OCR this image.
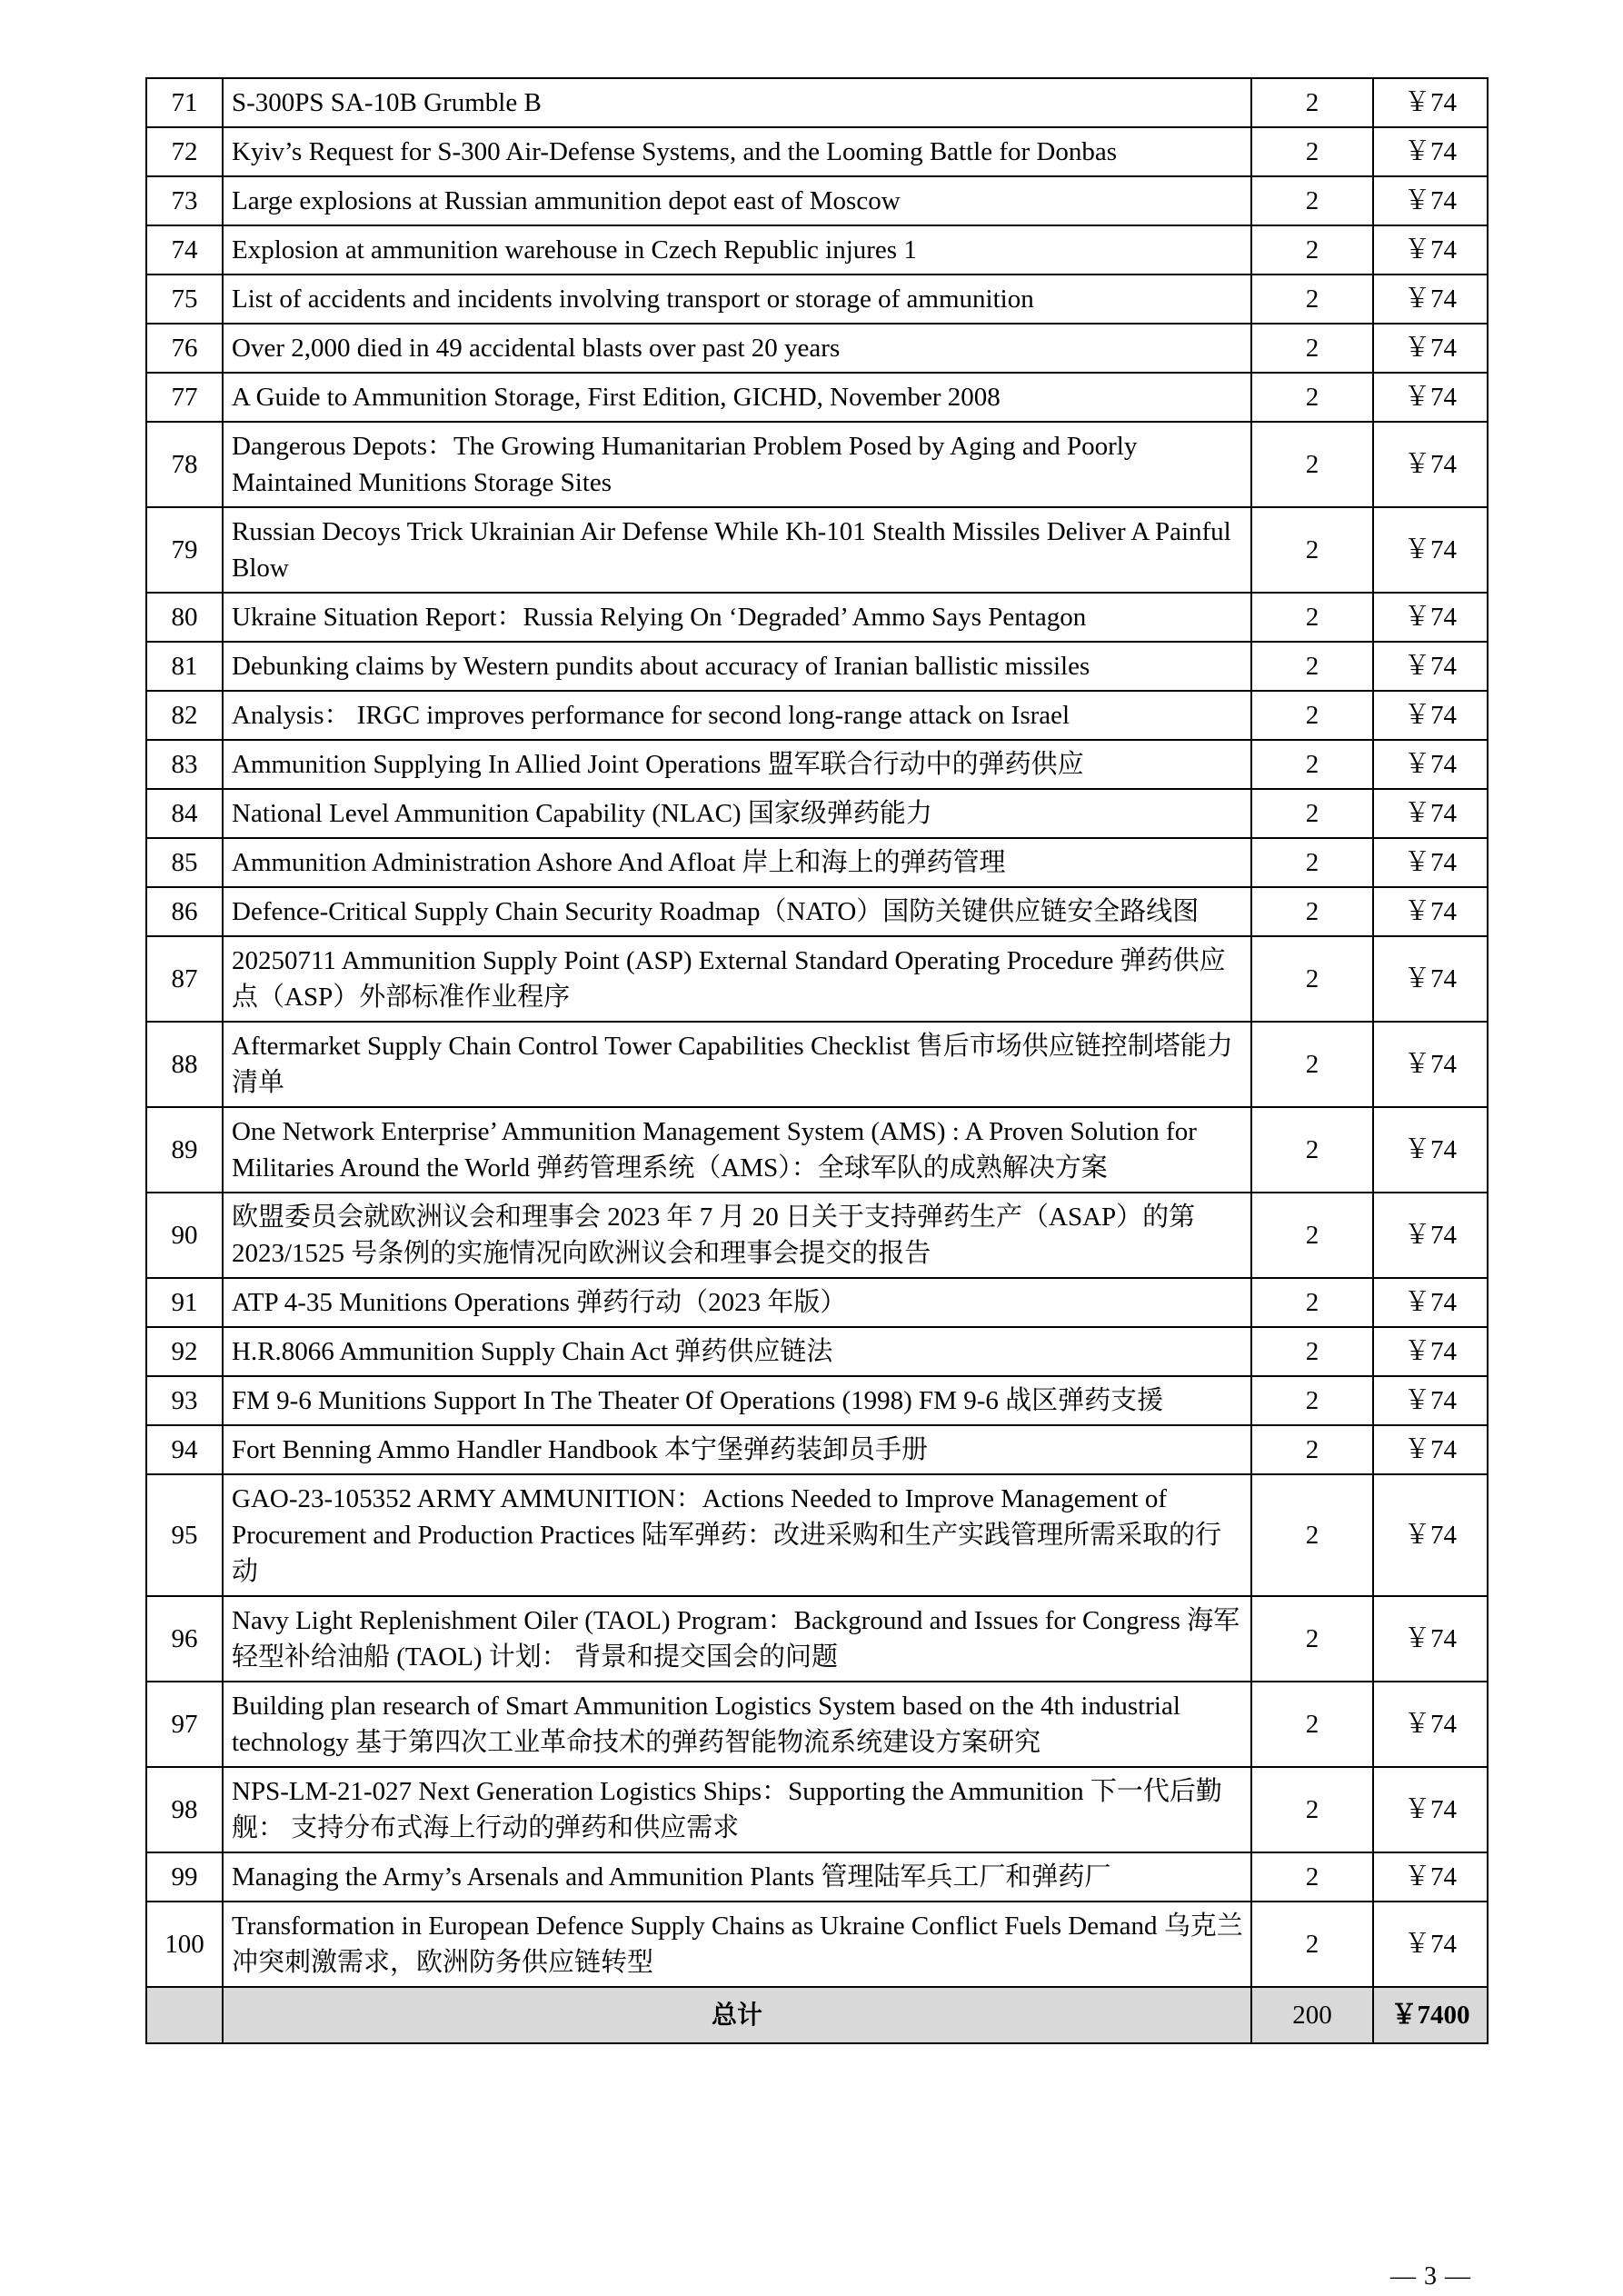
71	S-300PS SA-10B Grumble B	2	￥74
72	Kyiv’s Request for S-300 Air-Defense Systems, and the Looming Battle for Donbas	2	￥74
73	Large explosions at Russian ammunition depot east of Moscow	2	￥74
74	Explosion at ammunition warehouse in Czech Republic injures 1	2	￥74
75	List of accidents and incidents involving transport or storage of ammunition	2	￥74
76	Over 2,000 died in 49 accidental blasts over past 20 years	2	￥74
77	A Guide to Ammunition Storage, First Edition, GICHD, November 2008	2	￥74
78	Dangerous Depots：The Growing Humanitarian Problem Posed by Aging and Poorly Maintained Munitions Storage Sites	2	￥74
79	Russian Decoys Trick Ukrainian Air Defense While Kh-101 Stealth Missiles Deliver A Painful Blow	2	￥74
80	Ukraine Situation Report：Russia Relying On ‘Degraded’ Ammo Says Pentagon	2	￥74
81	Debunking claims by Western pundits about accuracy of Iranian ballistic missiles	2	￥74
82	Analysis： IRGC improves performance for second long-range attack on Israel	2	￥74
83	Ammunition Supplying In Allied Joint Operations 盟军联合行动中的弹药供应	2	￥74
84	National Level Ammunition Capability (NLAC) 国家级弹药能力	2	￥74
85	Ammunition Administration Ashore And Afloat 岸上和海上的弹药管理	2	￥74
86	Defence-Critical Supply Chain Security Roadmap（NATO）国防关键供应链安全路线图	2	￥74
87	20250711 Ammunition Supply Point (ASP) External Standard Operating Procedure 弹药供应点（ASP）外部标准作业程序	2	￥74
88	Aftermarket Supply Chain Control Tower Capabilities Checklist 售后市场供应链控制塔能力清单	2	￥74
89	One Network Enterprise’ Ammunition Management System (AMS) : A Proven Solution for Militaries Around the World 弹药管理系统（AMS）：全球军队的成熟解决方案	2	￥74
90	欧盟委员会就欧洲议会和理事会 2023 年 7 月 20 日关于支持弹药生产（ASAP）的第 2023/1525 号条例的实施情况向欧洲议会和理事会提交的报告	2	￥74
91	ATP 4-35 Munitions Operations 弹药行动（2023 年版）	2	￥74
92	H.R.8066 Ammunition Supply Chain Act 弹药供应链法	2	￥74
93	FM 9-6 Munitions Support In The Theater Of Operations (1998) FM 9-6 战区弹药支援	2	￥74
94	Fort Benning Ammo Handler Handbook 本宁堡弹药装卸员手册	2	￥74
95	GAO-23-105352 ARMY AMMUNITION：Actions Needed to Improve Management of Procurement and Production Practices 陆军弹药：改进采购和生产实践管理所需采取的行动	2	￥74
96	Navy Light Replenishment Oiler (TAOL) Program：Background and Issues for Congress 海军轻型补给油船 (TAOL) 计划： 背景和提交国会的问题	2	￥74
97	Building plan research of Smart Ammunition Logistics System based on the 4th industrial technology 基于第四次工业革命技术的弹药智能物流系统建设方案研究	2	￥74
98	NPS-LM-21-027 Next Generation Logistics Ships：Supporting the Ammunition 下一代后勤舰： 支持分布式海上行动的弹药和供应需求	2	￥74
99	Managing the Army’s Arsenals and Ammunition Plants 管理陆军兵工厂和弹药厂	2	￥74
100	Transformation in European Defence Supply Chains as Ukraine Conflict Fuels Demand 乌克兰冲突刺激需求，欧洲防务供应链转型	2	￥74
	总计	200	￥7400
— 3 —
